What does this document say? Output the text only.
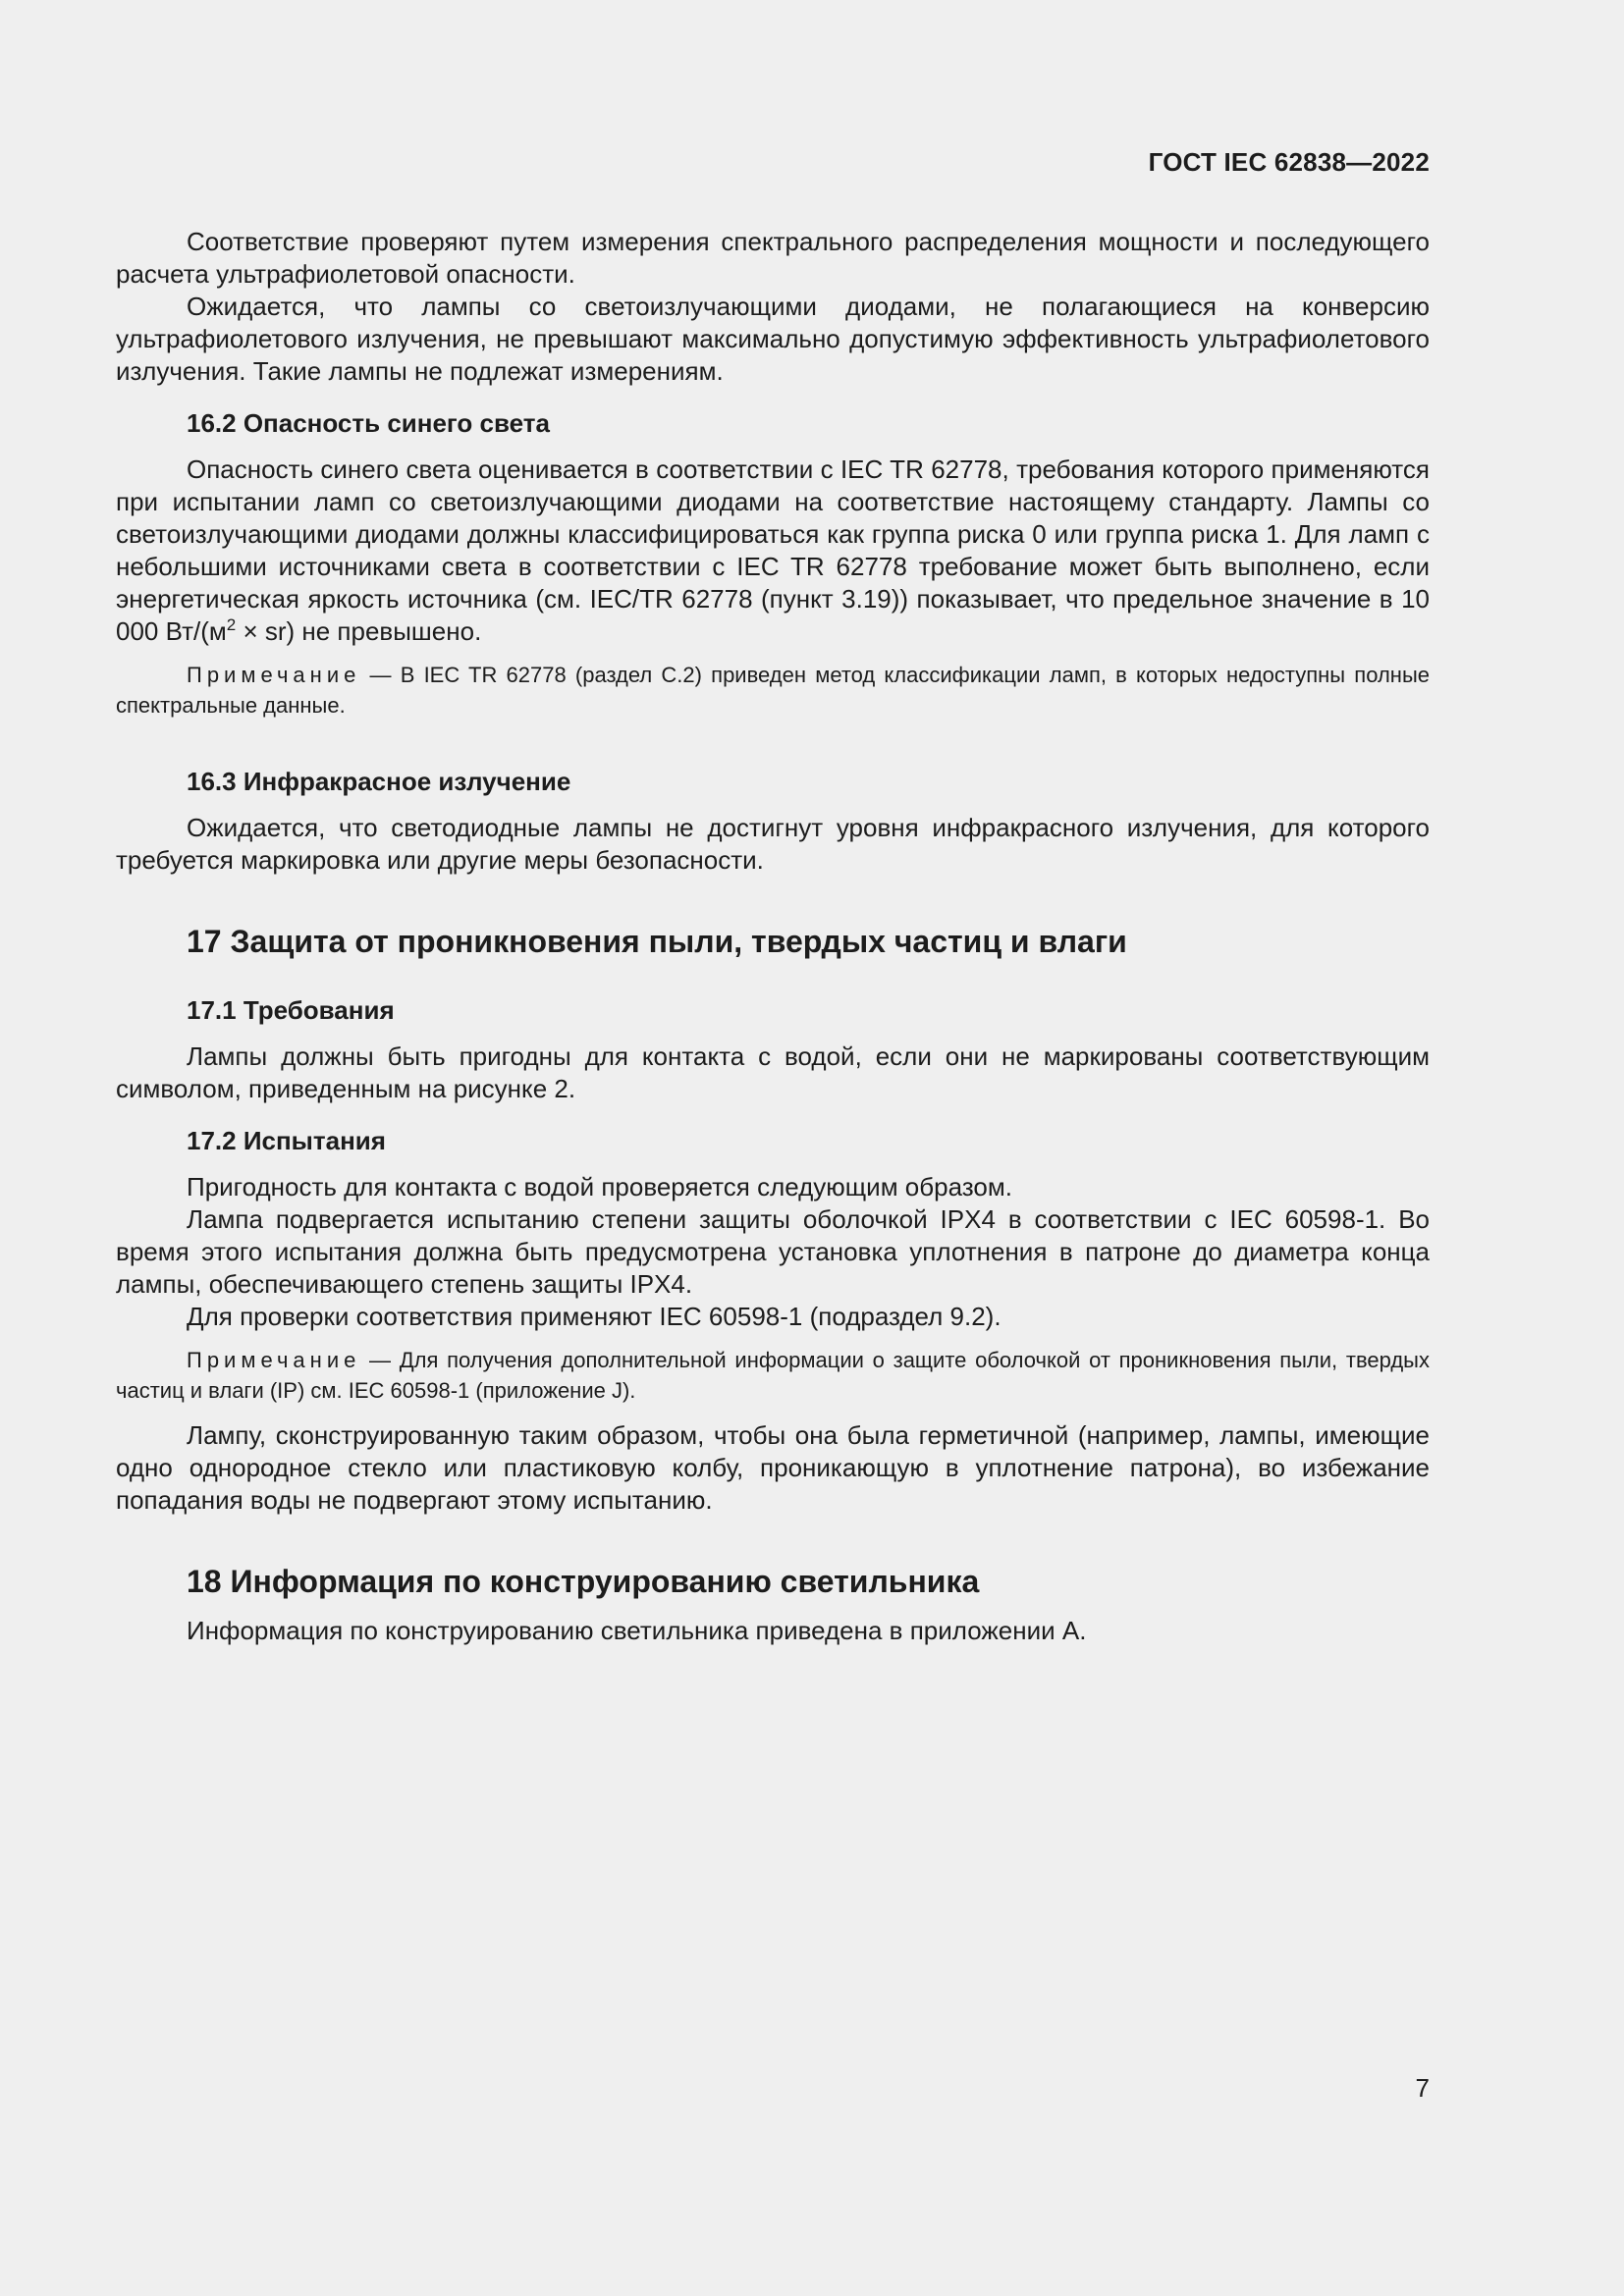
ГОСТ IEC 62838—2022

Соответствие проверяют путем измерения спектрального распределения мощности и последующего расчета ультрафиолетовой опасности.

Ожидается, что лампы со светоизлучающими диодами, не полагающиеся на конверсию ультрафиолетового излучения, не превышают максимально допустимую эффективность ультрафиолетового излучения. Такие лампы не подлежат измерениям.

16.2 Опасность синего света

Опасность синего света оценивается в соответствии с IEC TR 62778, требования которого применяются при испытании ламп со светоизлучающими диодами на соответствие настоящему стандарту. Лампы со светоизлучающими диодами должны классифицироваться как группа риска 0 или группа риска 1. Для ламп с небольшими источниками света в соответствии с IEC TR 62778 требование может быть выполнено, если энергетическая яркость источника (см. IEC/TR 62778 (пункт 3.19)) показывает, что предельное значение в 10 000 $Вт/(м^2 \times sr)$ не превышено.

Примечание — В IEC TR 62778 (раздел C.2) приведен метод классификации ламп, в которых недоступны полные спектральные данные.

16.3 Инфракрасное излучение

Ожидается, что светодиодные лампы не достигнут уровня инфракрасного излучения, для которого требуется маркировка или другие меры безопасности.

17 Защита от проникновения пыли, твердых частиц и влаги
17.1 Требования

Лампы должны быть пригодны для контакта с водой, если они не маркированы соответствующим символом, приведенным на рисунке 2.

17.2 Испытания

Пригодность для контакта с водой проверяется следующим образом.

Лампа подвергается испытанию степени защиты оболочкой IPX4 в соответствии с IEC 60598-1. Во время этого испытания должна быть предусмотрена установка уплотнения в патроне до диаметра конца лампы, обеспечивающего степень защиты IPX4.

Для проверки соответствия применяют IEC 60598-1 (подраздел 9.2).

Примечание — Для получения дополнительной информации о защите оболочкой от проникновения пыли, твердых частиц и влаги (IP) см. IEC 60598-1 (приложение J).

Лампу, сконструированную таким образом, чтобы она была герметичной (например, лампы, имеющие одно однородное стекло или пластиковую колбу, проникающую в уплотнение патрона), во избежание попадания воды не подвергают этому испытанию.

18 Информация по конструированию светильника

Информация по конструированию светильника приведена в приложении А.

7
